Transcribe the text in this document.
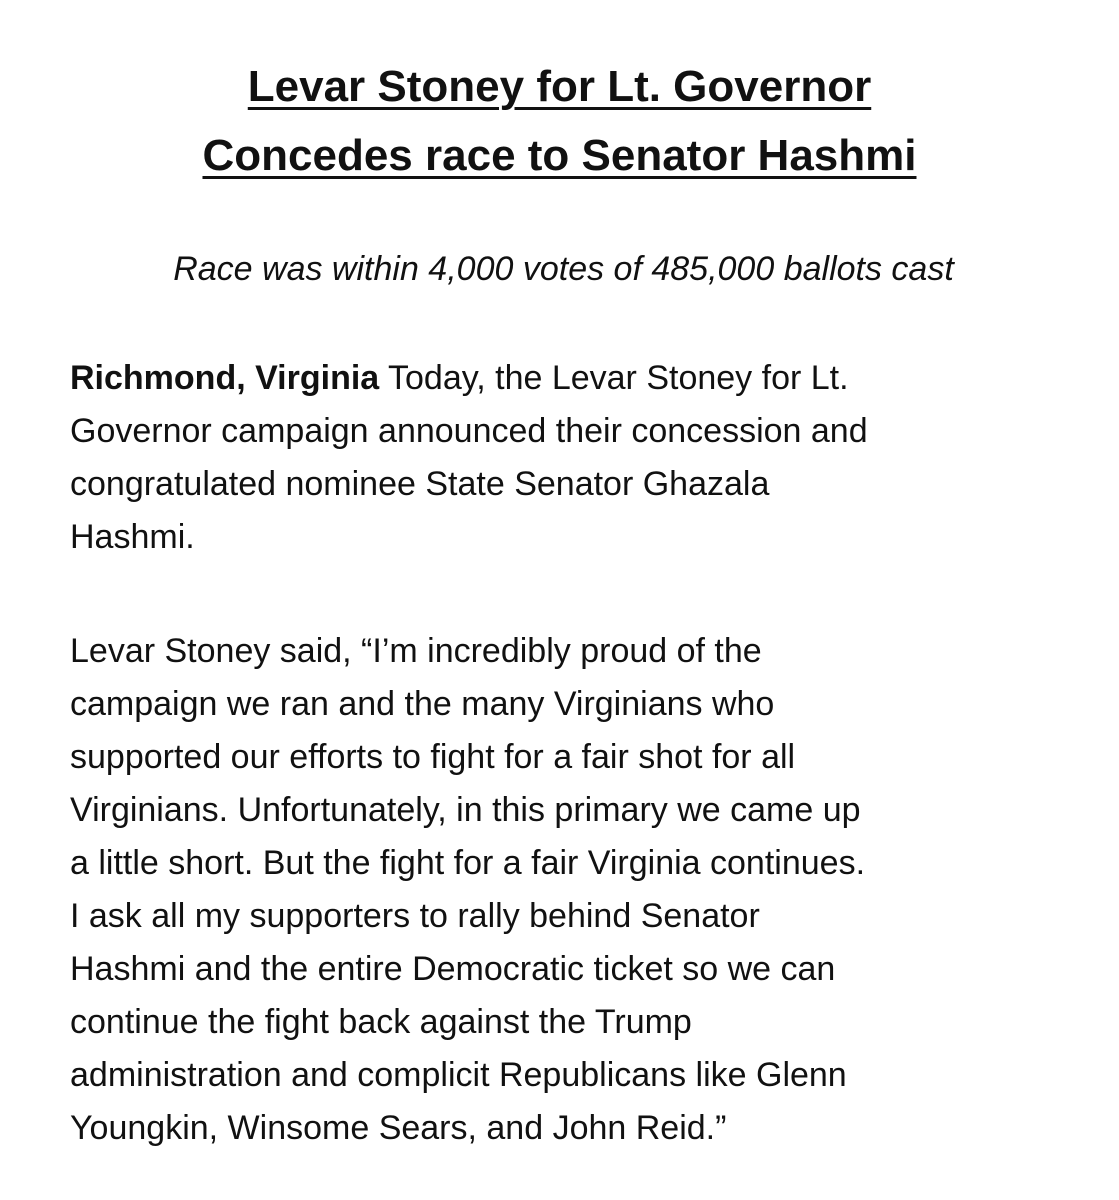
Levar Stoney for Lt. Governor
Concedes race to Senator Hashmi

Race was within 4,000 votes of 485,000 ballots cast

Richmond, Virginia Today, the Levar Stoney for Lt.
Governor campaign announced their concession and
congratulated nominee State Senator Ghazala
Hashmi.

Levar Stoney said, “I’m incredibly proud of the
campaign we ran and the many Virginians who
supported our efforts to fight for a fair shot for all
Virginians. Unfortunately, in this primary we came up
a little short. But the fight for a fair Virginia continues.
I ask all my supporters to rally behind Senator
Hashmi and the entire Democratic ticket so we can
continue the fight back against the Trump
administration and complicit Republicans like Glenn
Youngkin, Winsome Sears, and John Reid.”
